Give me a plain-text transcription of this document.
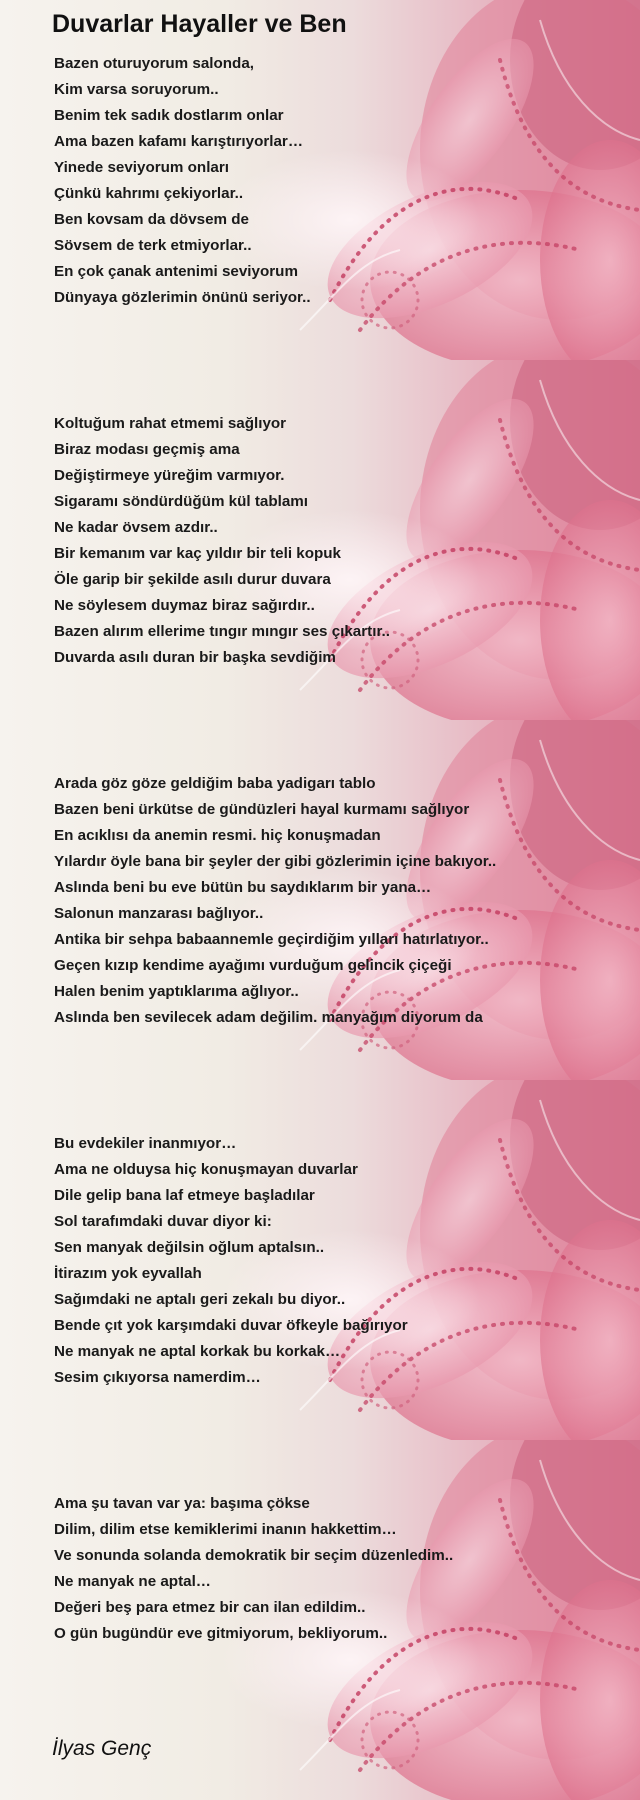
Duvarlar Hayaller ve Ben
Bazen oturuyorum salonda,
Kim varsa soruyorum..
Benim tek sadık dostlarım onlar
Ama bazen kafamı karıştırıyorlar…
Yinede seviyorum onları
Çünkü kahrımı çekiyorlar..
Ben kovsam da dövsem de
Sövsem de terk etmiyorlar..
En çok çanak antenimi seviyorum
Dünyaya gözlerimin önünü seriyor..
Koltuğum rahat etmemi sağlıyor
Biraz modası geçmiş ama
Değiştirmeye yüreğim varmıyor.
Sigaramı söndürdüğüm kül tablamı
Ne kadar övsem azdır..
Bir kemanım var kaç yıldır bir teli kopuk
Öle garip bir şekilde asılı durur duvara
Ne söylesem duymaz biraz sağırdır..
Bazen alırım ellerime tıngır mıngır ses çıkartır..
Duvarda asılı duran bir başka sevdiğim
Arada göz göze geldiğim baba yadigarı tablo
Bazen beni ürkütse de gündüzleri hayal kurmamı sağlıyor
En acıklısı da anemin resmi. hiç konuşmadan
Yılardır öyle bana bir şeyler der gibi gözlerimin içine bakıyor..
Aslında beni bu eve bütün bu saydıklarım bir yana…
Salonun manzarası bağlıyor..
Antika bir sehpa babaannemle geçirdiğim yılları hatırlatıyor..
Geçen kızıp kendime ayağımı vurduğum gelincik çiçeği
Halen benim yaptıklarıma ağlıyor..
Aslında ben sevilecek adam değilim. manyağım diyorum da
Bu evdekiler inanmıyor…
Ama ne olduysa hiç konuşmayan duvarlar
Dile gelip bana laf etmeye başladılar
Sol tarafımdaki duvar diyor ki:
Sen manyak değilsin oğlum aptalsın..
İtirazım yok eyvallah
Sağımdaki ne aptalı geri zekalı bu diyor..
Bende çıt yok karşımdaki duvar öfkeyle bağırıyor
Ne manyak ne aptal korkak bu korkak…
Sesim çıkıyorsa namerdim…
Ama şu tavan var ya: başıma çökse
Dilim, dilim etse kemiklerimi inanın hakkettim…
Ve sonunda solanda demokratik bir seçim düzenledim..
Ne manyak ne aptal…
Değeri beş para etmez bir can ilan edildim..
O gün bugündür eve gitmiyorum, bekliyorum..

İlyas Genç
